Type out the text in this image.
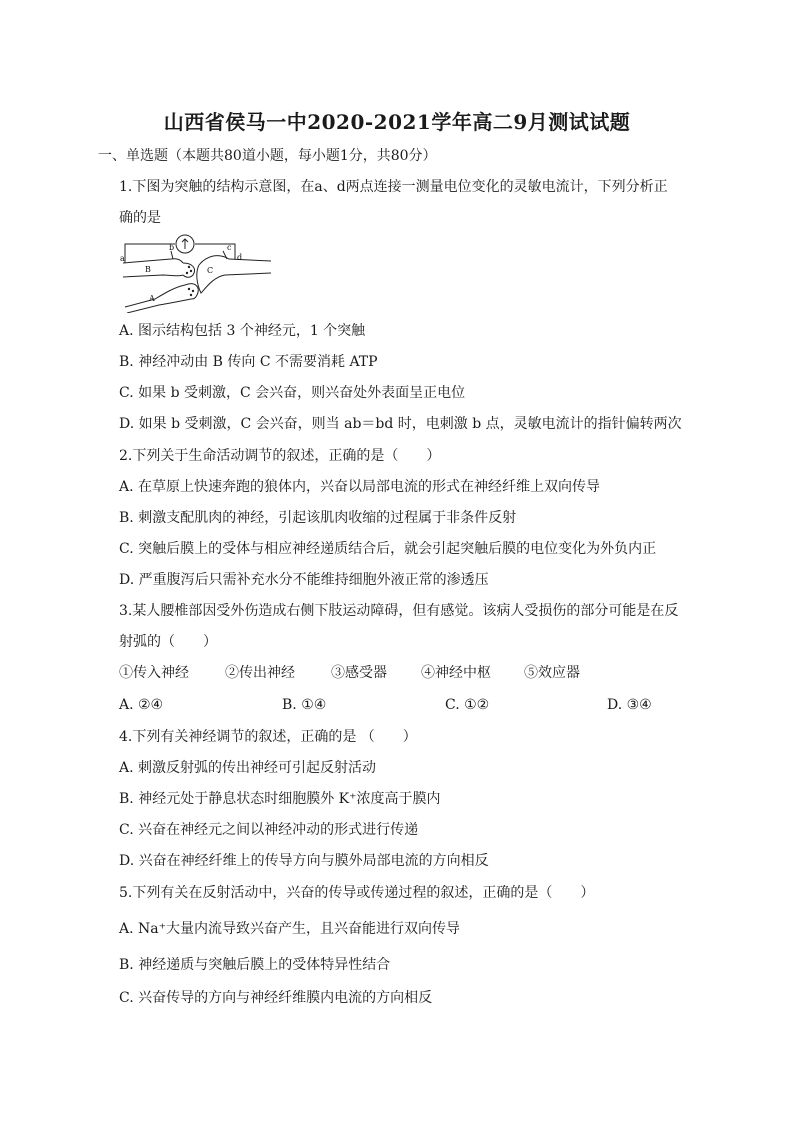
山西省侯马一中2020-2021学年高二9月测试试题
一、单选题（本题共80道小题，每小题1分，共80分）
1.下图为突触的结构示意图，在a、d两点连接一测量电位变化的灵敏电流计，下列分析正
确的是
a
b	c
d
B	C
A
A. 图示结构包括 3 个神经元，1 个突触
B. 神经冲动由 B 传向 C 不需要消耗 ATP
C. 如果 b 受刺激，C 会兴奋，则兴奋处外表面呈正电位
D. 如果 b 受刺激，C 会兴奋，则当 ab＝bd 时，电刺激 b 点，灵敏电流计的指针偏转两次
2.下列关于生命活动调节的叙述，正确的是（　　）
A. 在草原上快速奔跑的狼体内，兴奋以局部电流的形式在神经纤维上双向传导
B. 刺激支配肌肉的神经，引起该肌肉收缩的过程属于非条件反射
C. 突触后膜上的受体与相应神经递质结合后，就会引起突触后膜的电位变化为外负内正
D. 严重腹泻后只需补充水分不能维持细胞外液正常的渗透压
3.某人腰椎部因受外伤造成右侧下肢运动障碍，但有感觉。该病人受损伤的部分可能是在反
射弧的（　　）
①传入神经	②传出神经	③感受器 ④神经中枢 ⑤效应器
A. ②④	B. ①④	C. ①②	D. ③④
4.下列有关神经调节的叙述，正确的是 （　　）
A. 刺激反射弧的传出神经可引起反射活动
B. 神经元处于静息状态时细胞膜外 K⁺浓度高于膜内
C. 兴奋在神经元之间以神经冲动的形式进行传递
D. 兴奋在神经纤维上的传导方向与膜外局部电流的方向相反
5.下列有关在反射活动中，兴奋的传导或传递过程的叙述，正确的是（　　）
A. Na⁺大量内流导致兴奋产生，且兴奋能进行双向传导
B. 神经递质与突触后膜上的受体特异性结合
C. 兴奋传导的方向与神经纤维膜内电流的方向相反
